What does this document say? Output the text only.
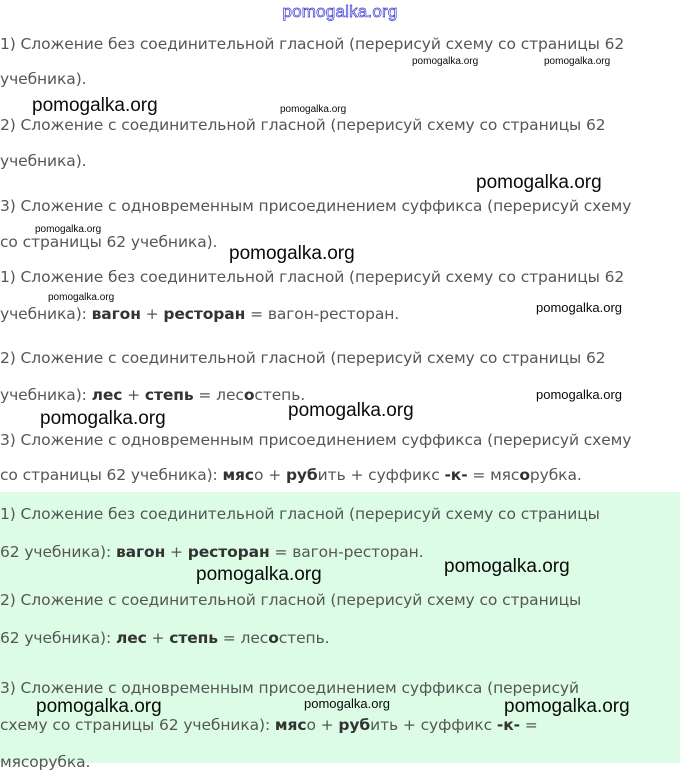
pomogalka.org
1) Сложение без соединительной гласной (перерисуй схему со страницы 62
учебника).
2) Сложение с соединительной гласной (перерисуй схему со страницы 62
учебника).
3) Сложение с одновременным присоединением суффикса (перерисуй схему
со страницы 62 учебника).
1) Сложение без соединительной гласной (перерисуй схему со страницы 62
учебника): вагон + ресторан = вагон-ресторан.
2) Сложение с соединительной гласной (перерисуй схему со страницы 62
учебника): лес + степь = лесостепь.
3) Сложение с одновременным присоединением суффикса (перерисуй схему
со страницы 62 учебника): мясо + рубить + суффикс -к- = мясорубка.
1) Сложение без соединительной гласной (перерисуй схему со страницы
62 учебника): вагон + ресторан = вагон-ресторан.
2) Сложение с соединительной гласной (перерисуй схему со страницы
62 учебника): лес + степь = лесостепь.
3) Сложение с одновременным присоединением суффикса (перерисуй
схему со страницы 62 учебника): мясо + рубить + суффикс -к- =
мясорубка.
pomogalka.org	pomogalka.org
pomogalka.org	pomogalka.org
pomogalka.org
pomogalka.org
pomogalka.org
pomogalka.org
pomogalka.org
pomogalka.org
pomogalka.org
pomogalka.org
pomogalka.org
pomogalka.org
pomogalka.org	pomogalka.org	pomogalka.org
